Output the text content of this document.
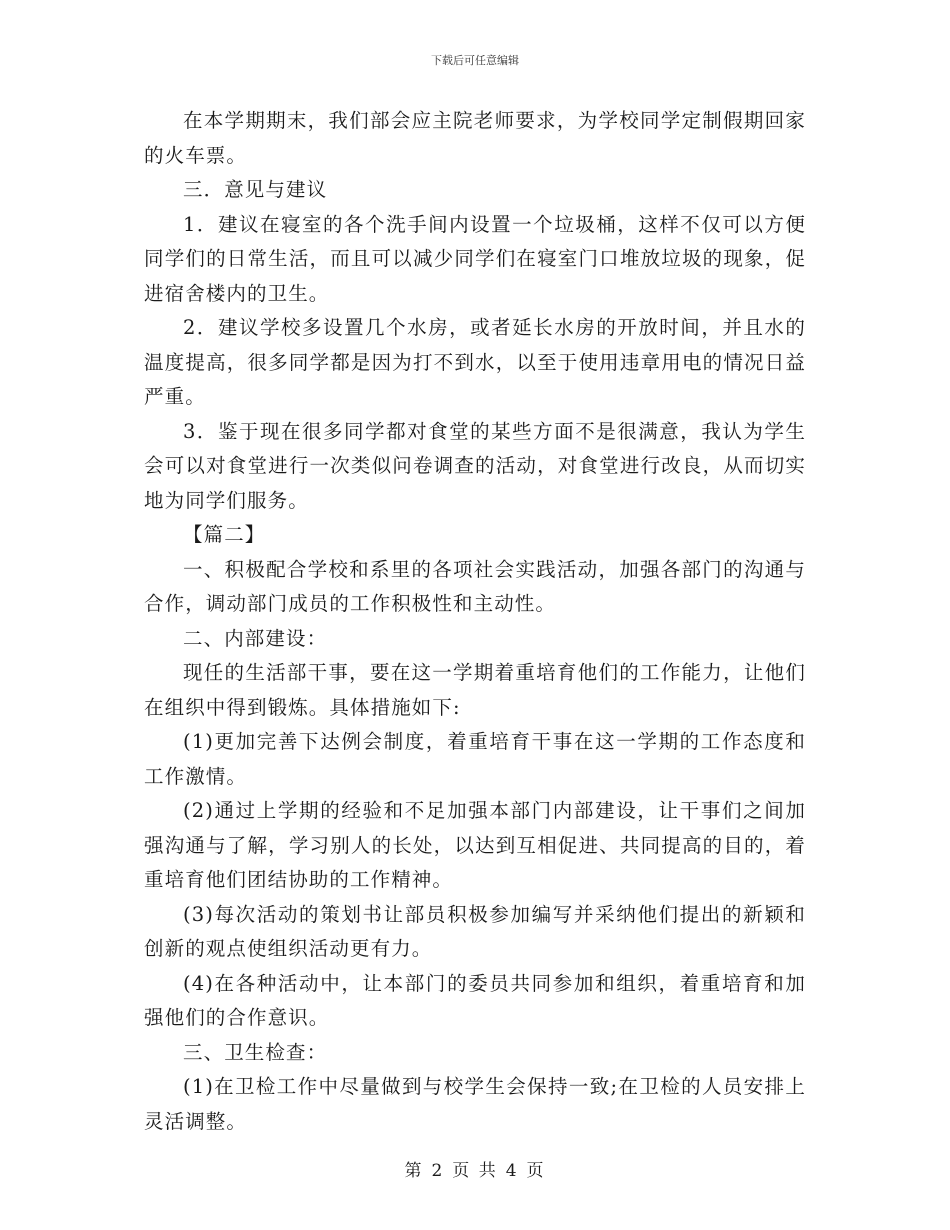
下载后可任意编辑

在本学期期末，我们部会应主院老师要求，为学校同学定制假期回家的火车票。

三．意见与建议

1．建议在寝室的各个洗手间内设置一个垃圾桶，这样不仅可以方便同学们的日常生活，而且可以减少同学们在寝室门口堆放垃圾的现象，促进宿舍楼内的卫生。

2．建议学校多设置几个水房，或者延长水房的开放时间，并且水的温度提高，很多同学都是因为打不到水，以至于使用违章用电的情况日益严重。

3．鉴于现在很多同学都对食堂的某些方面不是很满意，我认为学生会可以对食堂进行一次类似问卷调查的活动，对食堂进行改良，从而切实地为同学们服务。

【篇二】

一、积极配合学校和系里的各项社会实践活动，加强各部门的沟通与合作，调动部门成员的工作积极性和主动性。

二、内部建设：

现任的生活部干事，要在这一学期着重培育他们的工作能力，让他们在组织中得到锻炼。具体措施如下:

(1)更加完善下达例会制度，着重培育干事在这一学期的工作态度和工作激情。

(2)通过上学期的经验和不足加强本部门内部建设，让干事们之间加强沟通与了解，学习别人的长处，以达到互相促进、共同提高的目的，着重培育他们团结协助的工作精神。

(3)每次活动的策划书让部员积极参加编写并采纳他们提出的新颖和创新的观点使组织活动更有力。

(4)在各种活动中，让本部门的委员共同参加和组织，着重培育和加强他们的合作意识。

三、卫生检查：

(1)在卫检工作中尽量做到与校学生会保持一致;在卫检的人员安排上灵活调整。

第 2 页 共 4 页
